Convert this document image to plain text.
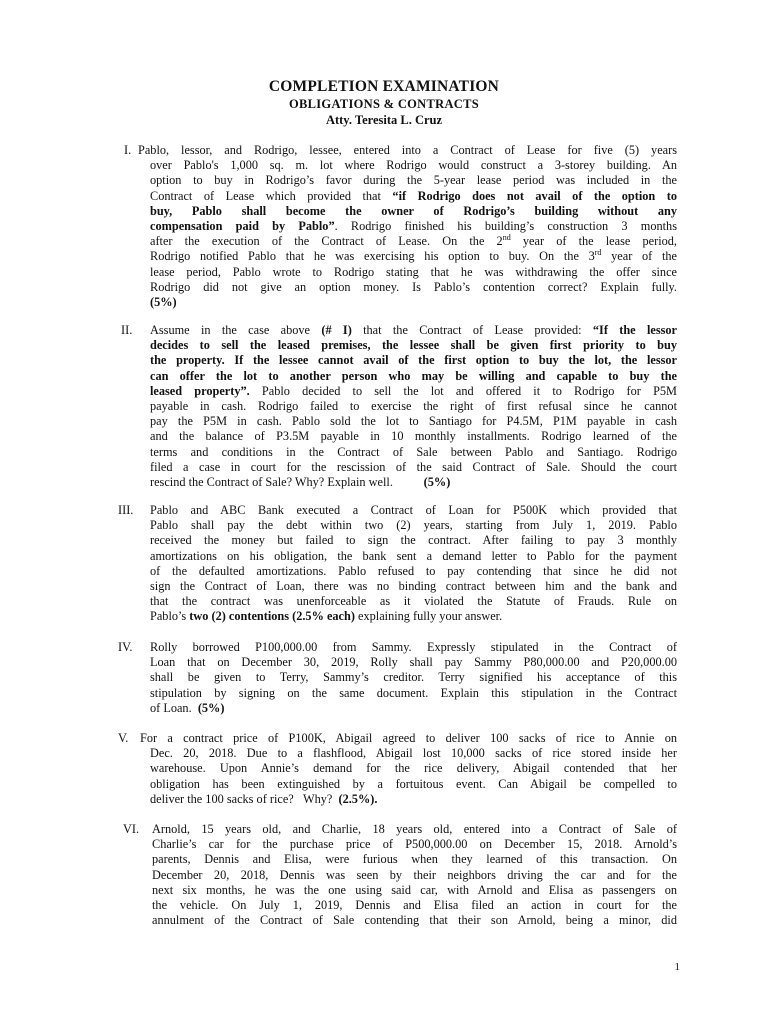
COMPLETION EXAMINATION
OBLIGATIONS & CONTRACTS
Atty. Teresita L. Cruz
I. Pablo, lessor, and Rodrigo, lessee, entered into a Contract of Lease for five (5) years
over Pablo's 1,000 sq. m. lot where Rodrigo would construct a 3-storey building. An
option to buy in Rodrigo’s favor during the 5-year lease period was included in the
Contract of Lease which provided that “if Rodrigo does not avail of the option to
buy, Pablo shall become the owner of Rodrigo’s building without any
compensation paid by Pablo”. Rodrigo finished his building’s construction 3 months
after the execution of the Contract of Lease. On the 2nd year of the lease period,
Rodrigo notified Pablo that he was exercising his option to buy. On the 3rd year of the
lease period, Pablo wrote to Rodrigo stating that he was withdrawing the offer since
Rodrigo did not give an option money. Is Pablo’s contention correct? Explain fully.
(5%)
II. Assume in the case above (# I) that the Contract of Lease provided: “If the lessor
decides to sell the leased premises, the lessee shall be given first priority to buy
the property. If the lessee cannot avail of the first option to buy the lot, the lessor
can offer the lot to another person who may be willing and capable to buy the
leased property”. Pablo decided to sell the lot and offered it to Rodrigo for P5M
payable in cash. Rodrigo failed to exercise the right of first refusal since he cannot
pay the P5M in cash. Pablo sold the lot to Santiago for P4.5M, P1M payable in cash
and the balance of P3.5M payable in 10 monthly installments. Rodrigo learned of the
terms and conditions in the Contract of Sale between Pablo and Santiago. Rodrigo
filed a case in court for the rescission of the said Contract of Sale. Should the court
rescind the Contract of Sale? Why? Explain well.          (5%)
III. Pablo and ABC Bank executed a Contract of Loan for P500K which provided that
Pablo shall pay the debt within two (2) years, starting from July 1, 2019. Pablo
received the money but failed to sign the contract. After failing to pay 3 monthly
amortizations on his obligation, the bank sent a demand letter to Pablo for the payment
of the defaulted amortizations. Pablo refused to pay contending that since he did not
sign the Contract of Loan, there was no binding contract between him and the bank and
that the contract was unenforceable as it violated the Statute of Frauds. Rule on
Pablo’s two (2) contentions (2.5% each) explaining fully your answer.
IV. Rolly borrowed P100,000.00 from Sammy. Expressly stipulated in the Contract of
Loan that on December 30, 2019, Rolly shall pay Sammy P80,000.00 and P20,000.00
shall be given to Terry, Sammy’s creditor. Terry signified his acceptance of this
stipulation by signing on the same document. Explain this stipulation in the Contract
of Loan.  (5%)
V. For a contract price of P100K, Abigail agreed to deliver 100 sacks of rice to Annie on
Dec. 20, 2018. Due to a flashflood, Abigail lost 10,000 sacks of rice stored inside her
warehouse. Upon Annie’s demand for the rice delivery, Abigail contended that her
obligation has been extinguished by a fortuitous event. Can Abigail be compelled to
deliver the 100 sacks of rice?   Why?  (2.5%).
VI. Arnold, 15 years old, and Charlie, 18 years old, entered into a Contract of Sale of
Charlie’s car for the purchase price of P500,000.00 on December 15, 2018. Arnold’s
parents, Dennis and Elisa, were furious when they learned of this transaction. On
December 20, 2018, Dennis was seen by their neighbors driving the car and for the
next six months, he was the one using said car, with Arnold and Elisa as passengers on
the vehicle. On July 1, 2019, Dennis and Elisa filed an action in court for the
annulment of the Contract of Sale contending that their son Arnold, being a minor, did
1
